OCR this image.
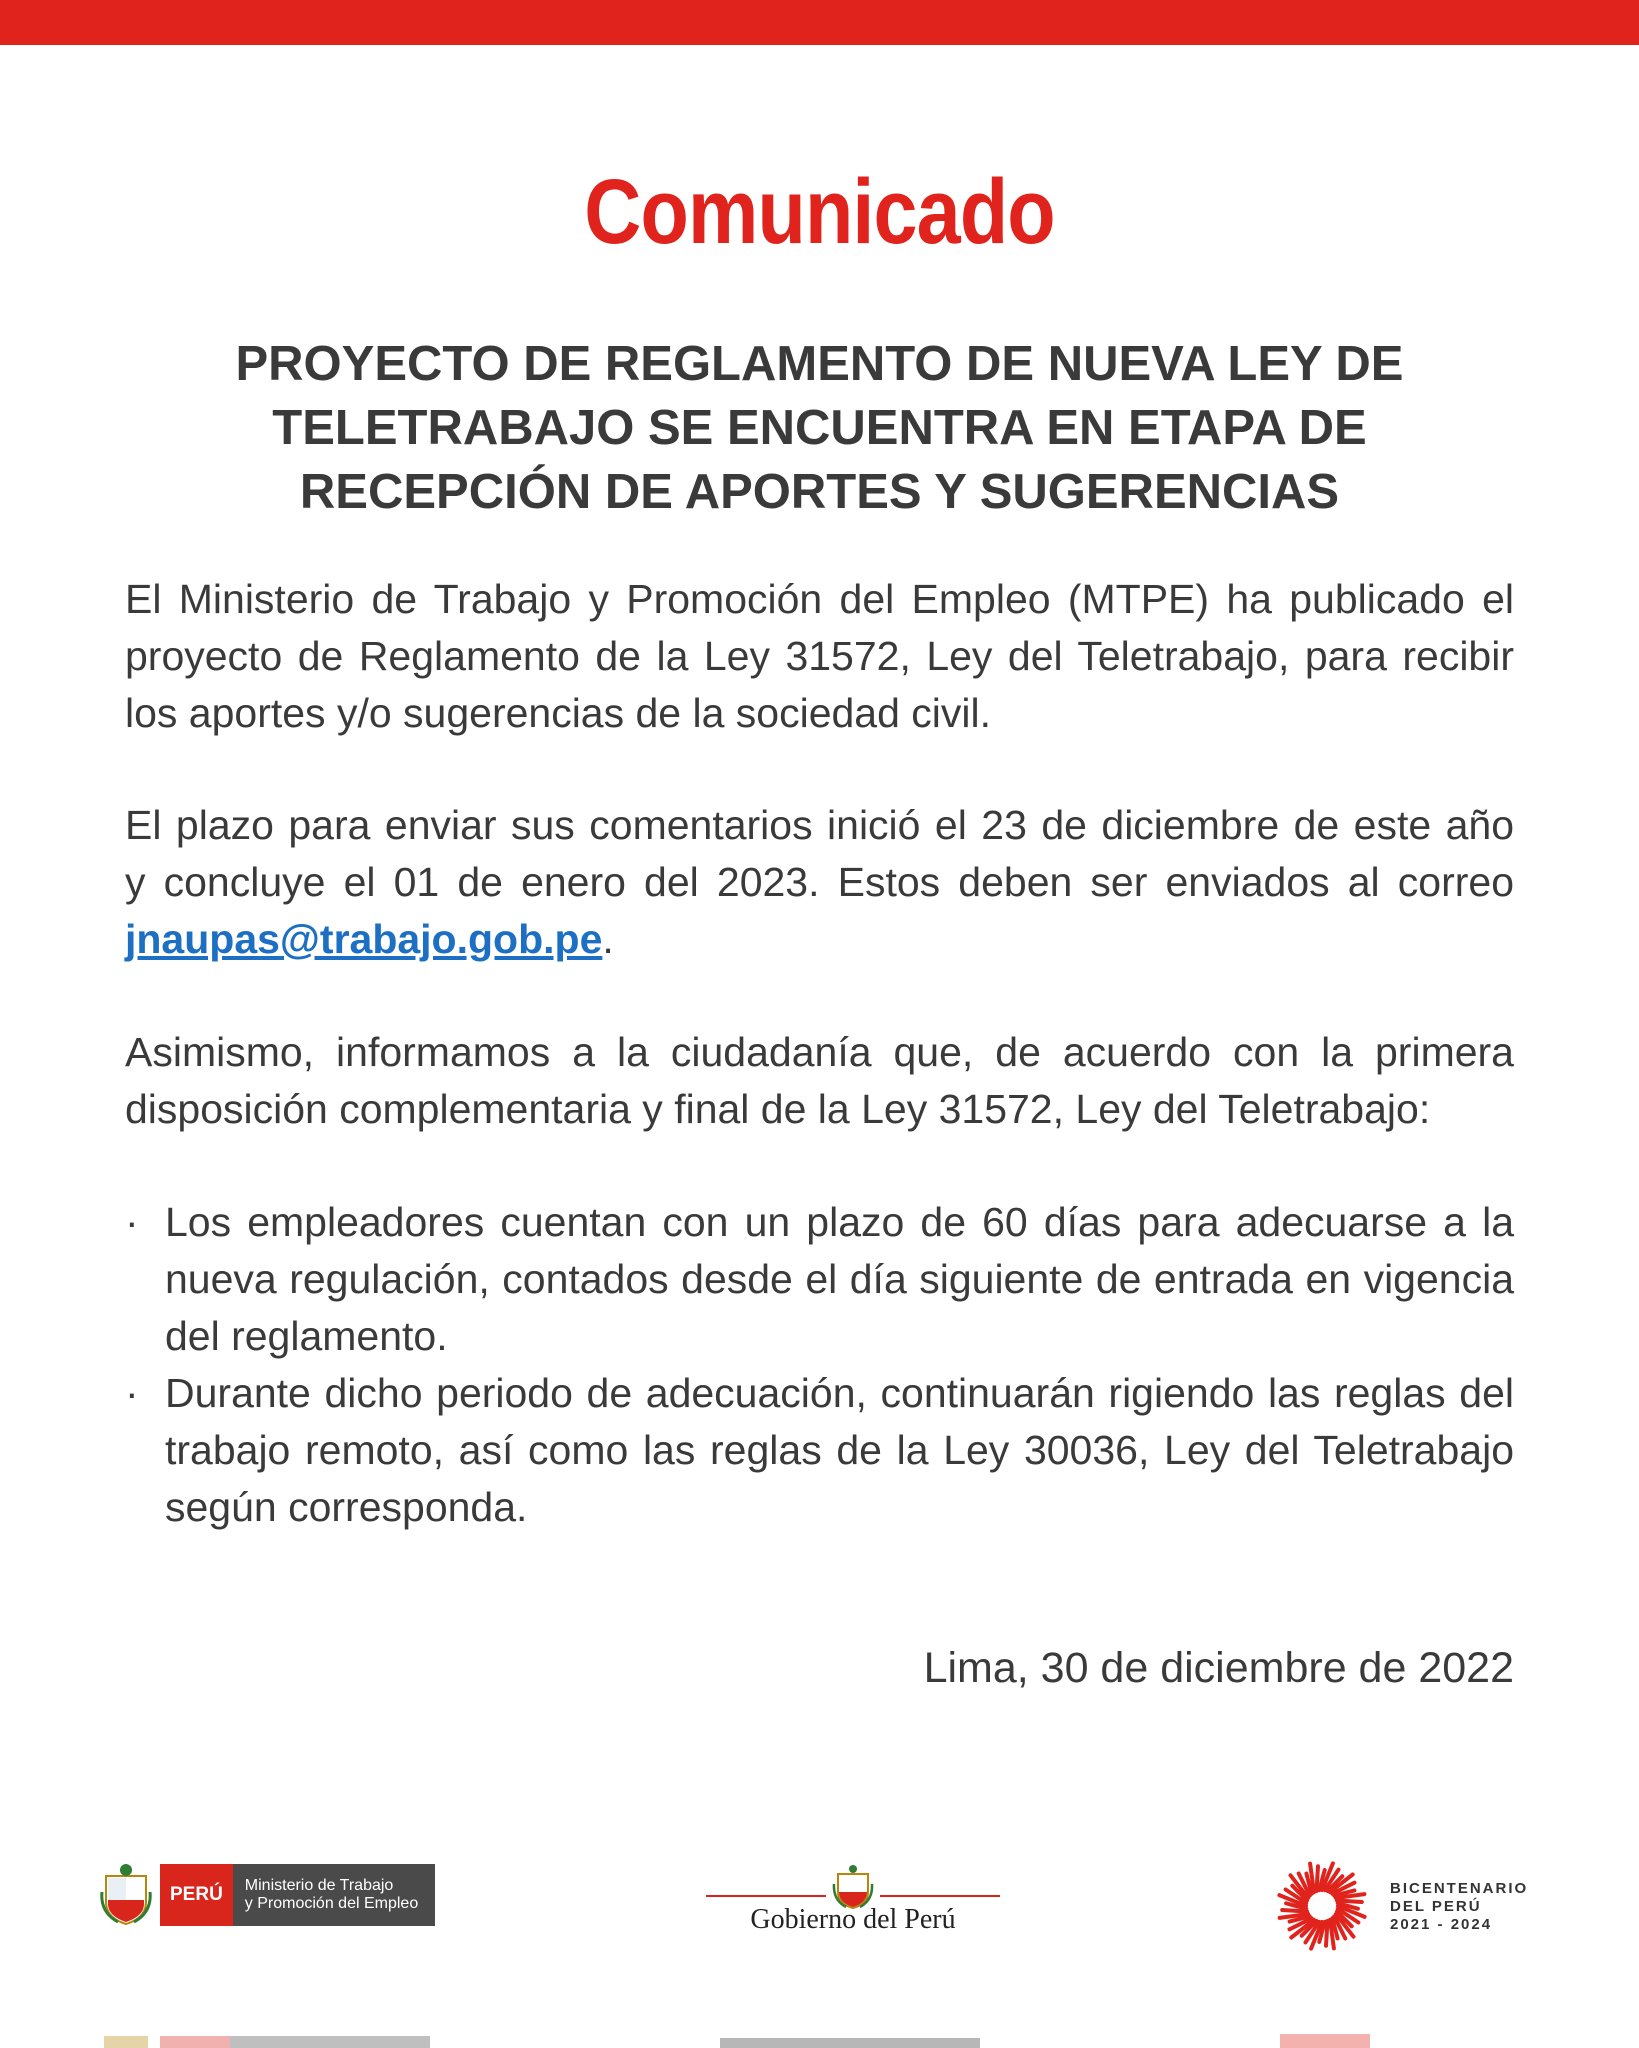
Comunicado
PROYECTO DE REGLAMENTO DE NUEVA LEY DE
TELETRABAJO SE ENCUENTRA EN ETAPA DE
RECEPCIÓN DE APORTES Y SUGERENCIAS
El Ministerio de Trabajo y Promoción del Empleo (MTPE) ha publicado el
proyecto de Reglamento de la Ley 31572, Ley del Teletrabajo, para recibir
los aportes y/o sugerencias de la sociedad civil.
El plazo para enviar sus comentarios inició el 23 de diciembre de este año
y concluye el 01 de enero del 2023. Estos deben ser enviados al correo
jnaupas@trabajo.gob.pe.
Asimismo, informamos a la ciudadanía que, de acuerdo con la primera
disposición complementaria y final de la Ley 31572, Ley del Teletrabajo:
· Los empleadores cuentan con un plazo de 60 días para adecuarse a la
nueva regulación, contados desde el día siguiente de entrada en vigencia
del reglamento.
· Durante dicho periodo de adecuación, continuarán rigiendo las reglas del
trabajo remoto, así como las reglas de la Ley 30036, Ley del Teletrabajo
según corresponda.
Lima, 30 de diciembre de 2022
PERÚ	Ministerio de Trabajo
y Promoción del Empleo
Gobierno del Perú
BICENTENARIO
DEL PERÚ
2021 - 2024
